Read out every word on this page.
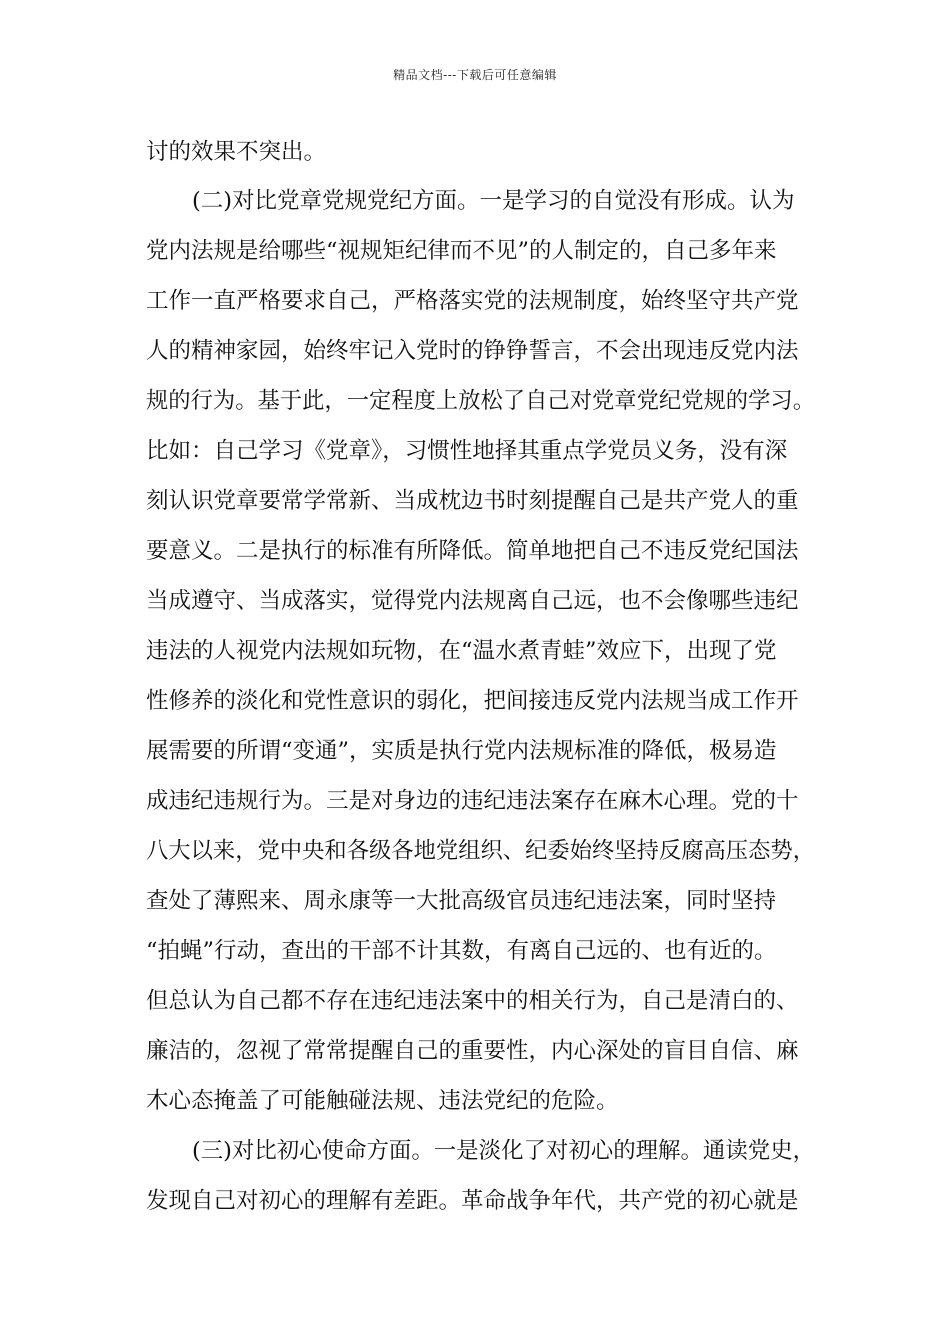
精品文档---下载后可任意编辑
讨的效果不突出。
(二)对比党章党规党纪方面。一是学习的自觉没有形成。认为
党内法规是给哪些“视规矩纪律而不见”的人制定的，自己多年来
工作一直严格要求自己，严格落实党的法规制度，始终坚守共产党
人的精神家园，始终牢记入党时的铮铮誓言，不会出现违反党内法
规的行为。基于此，一定程度上放松了自己对党章党纪党规的学习。
比如：自己学习《党章》，习惯性地择其重点学党员义务，没有深
刻认识党章要常学常新、当成枕边书时刻提醒自己是共产党人的重
要意义。二是执行的标准有所降低。简单地把自己不违反党纪国法
当成遵守、当成落实，觉得党内法规离自己远，也不会像哪些违纪
违法的人视党内法规如玩物，在“温水煮青蛙”效应下，出现了党
性修养的淡化和党性意识的弱化，把间接违反党内法规当成工作开
展需要的所谓“变通”，实质是执行党内法规标准的降低，极易造
成违纪违规行为。三是对身边的违纪违法案存在麻木心理。党的十
八大以来，党中央和各级各地党组织、纪委始终坚持反腐高压态势，
查处了薄熙来、周永康等一大批高级官员违纪违法案，同时坚持
“拍蝇”行动，查出的干部不计其数，有离自己远的、也有近的。
但总认为自己都不存在违纪违法案中的相关行为，自己是清白的、
廉洁的，忽视了常常提醒自己的重要性，内心深处的盲目自信、麻
木心态掩盖了可能触碰法规、违法党纪的危险。
(三)对比初心使命方面。一是淡化了对初心的理解。通读党史，
发现自己对初心的理解有差距。革命战争年代，共产党的初心就是
